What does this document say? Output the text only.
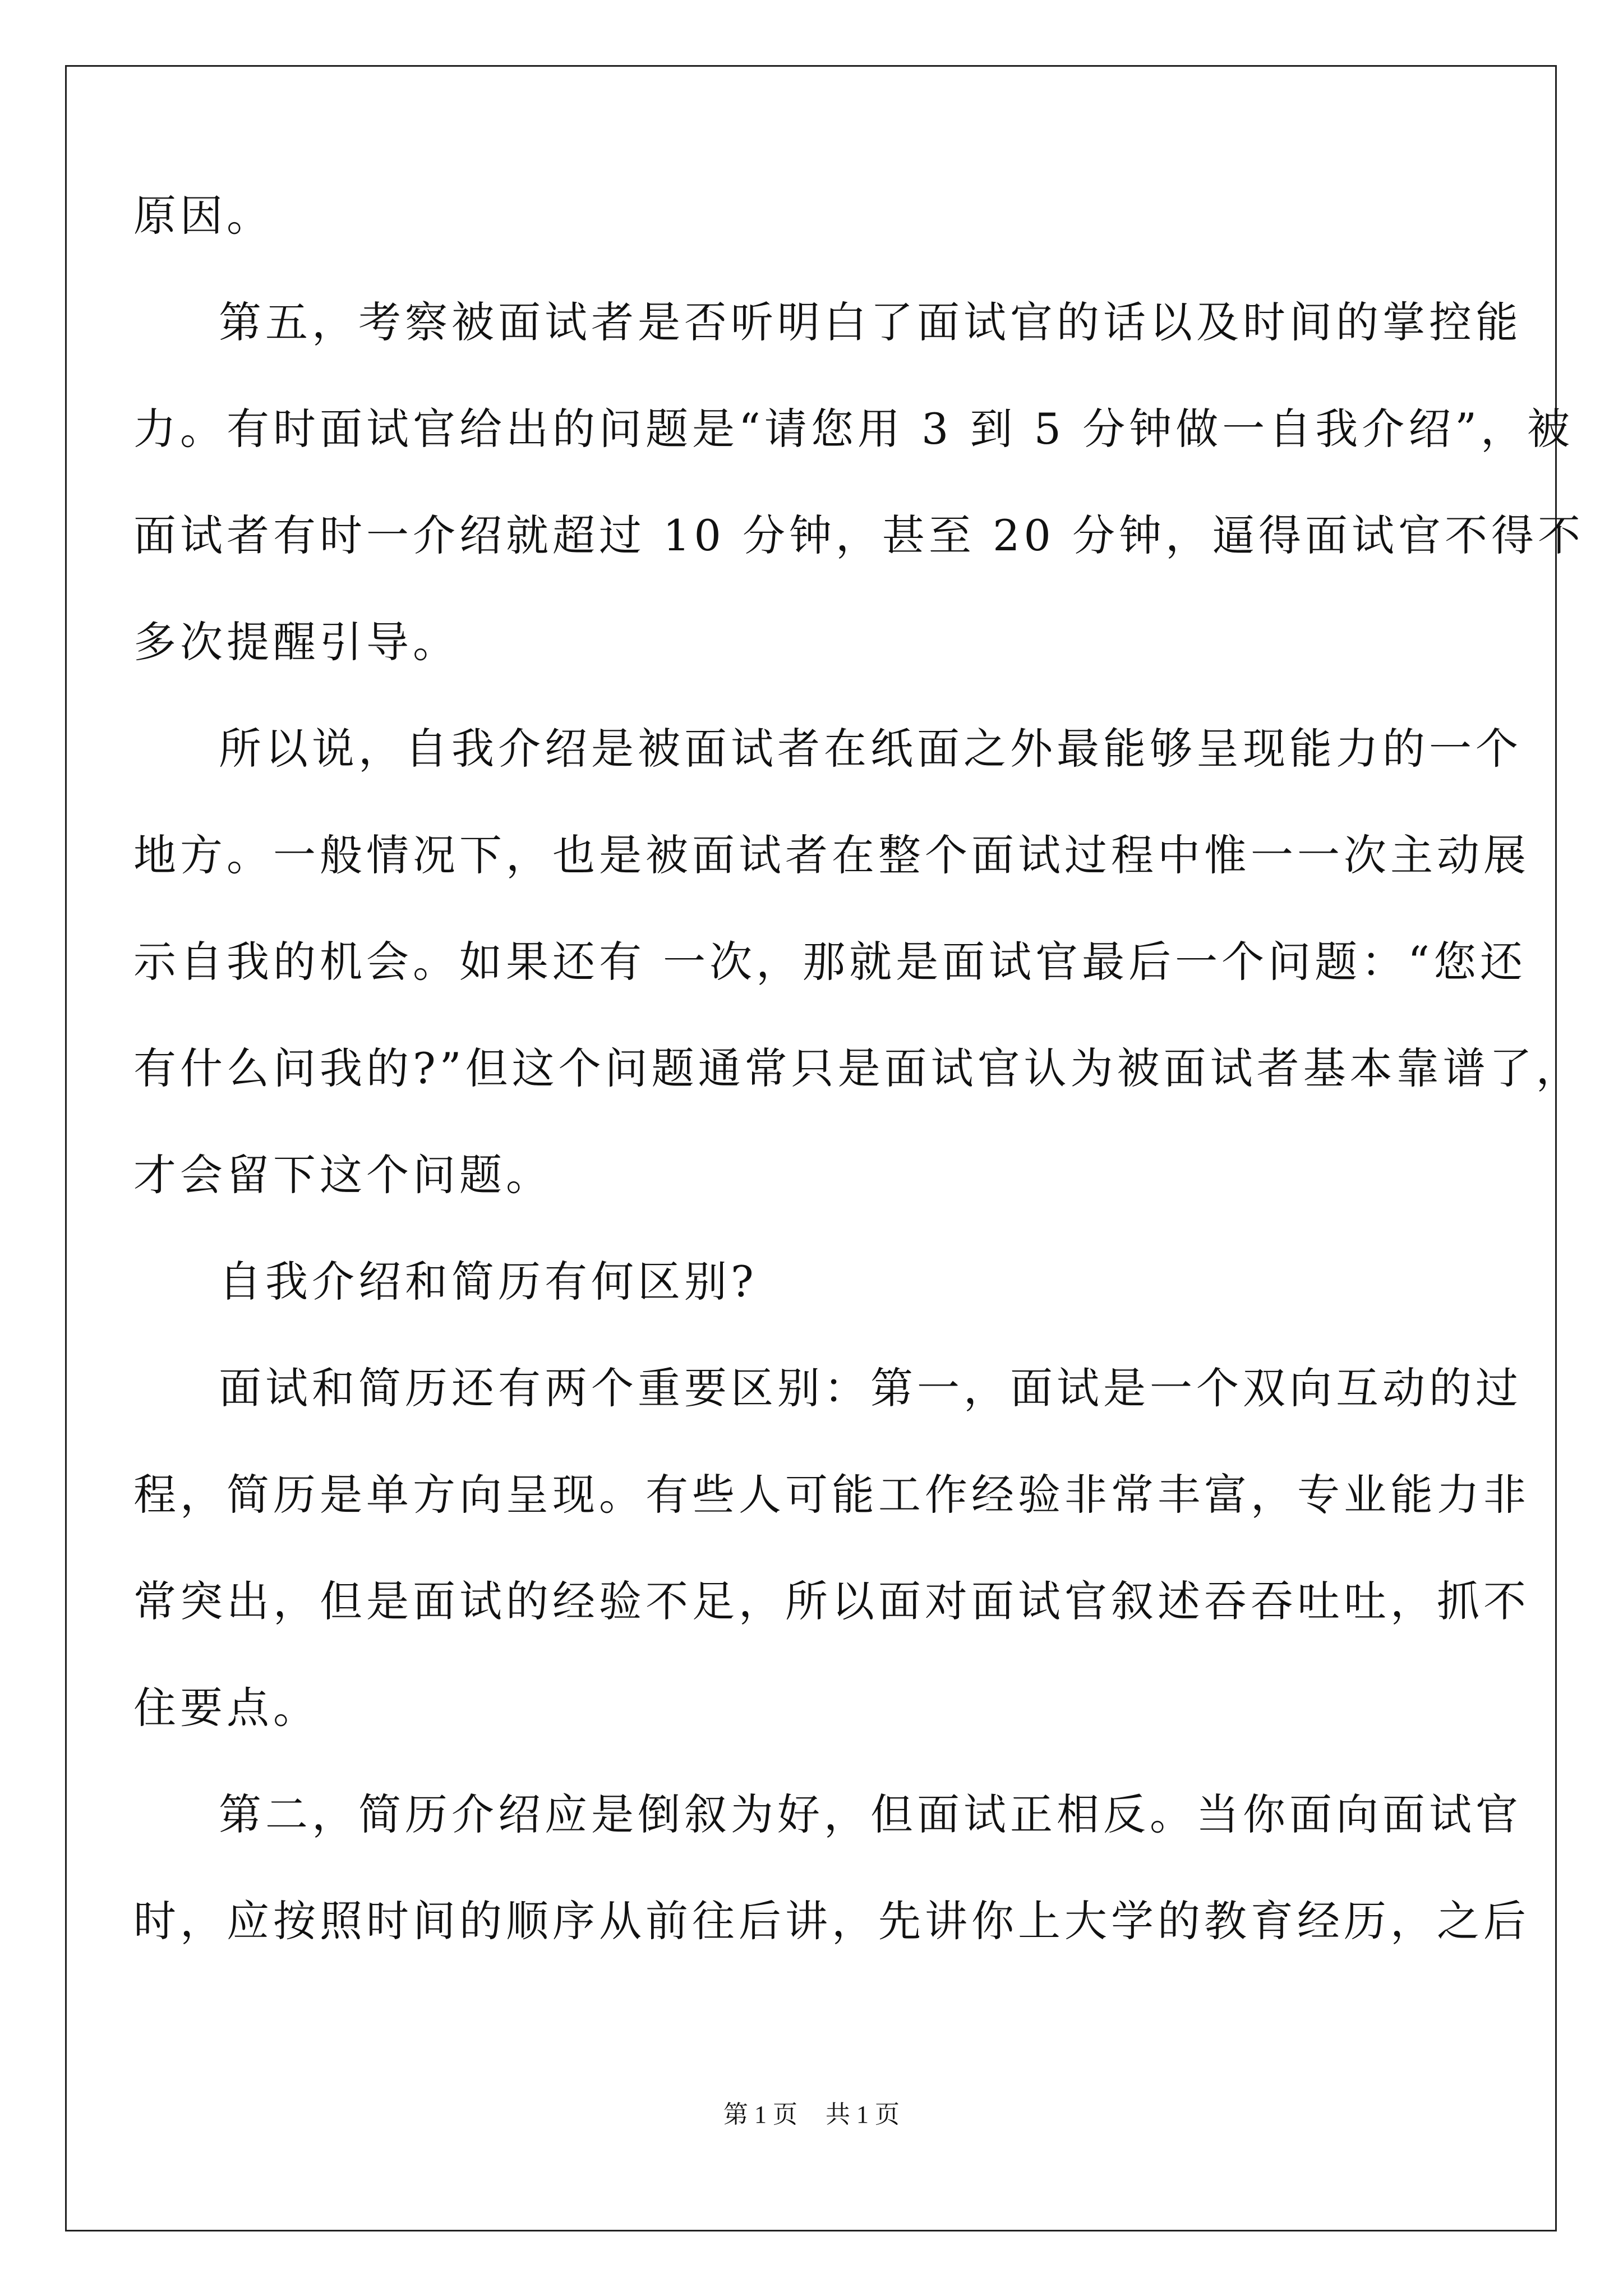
原因。
第五，考察被面试者是否听明白了面试官的话以及时间的掌控能
力。有时面试官给出的问题是“请您用 3 到 5 分钟做一自我介绍”，被
面试者有时一介绍就超过 10 分钟，甚至 20 分钟，逼得面试官不得不
多次提醒引导。
所以说，自我介绍是被面试者在纸面之外最能够呈现能力的一个
地方。一般情况下，也是被面试者在整个面试过程中惟一一次主动展
示自我的机会。如果还有 一次，那就是面试官最后一个问题：“您还
有什么问我的?”但这个问题通常只是面试官认为被面试者基本靠谱了，
才会留下这个问题。
自我介绍和简历有何区别?
面试和简历还有两个重要区别：第一，面试是一个双向互动的过
程，简历是单方向呈现。有些人可能工作经验非常丰富，专业能力非
常突出，但是面试的经验不足，所以面对面试官叙述吞吞吐吐，抓不
住要点。
第二，简历介绍应是倒叙为好，但面试正相反。当你面向面试官
时，应按照时间的顺序从前往后讲，先讲你上大学的教育经历，之后
第 1 页 共 1 页
